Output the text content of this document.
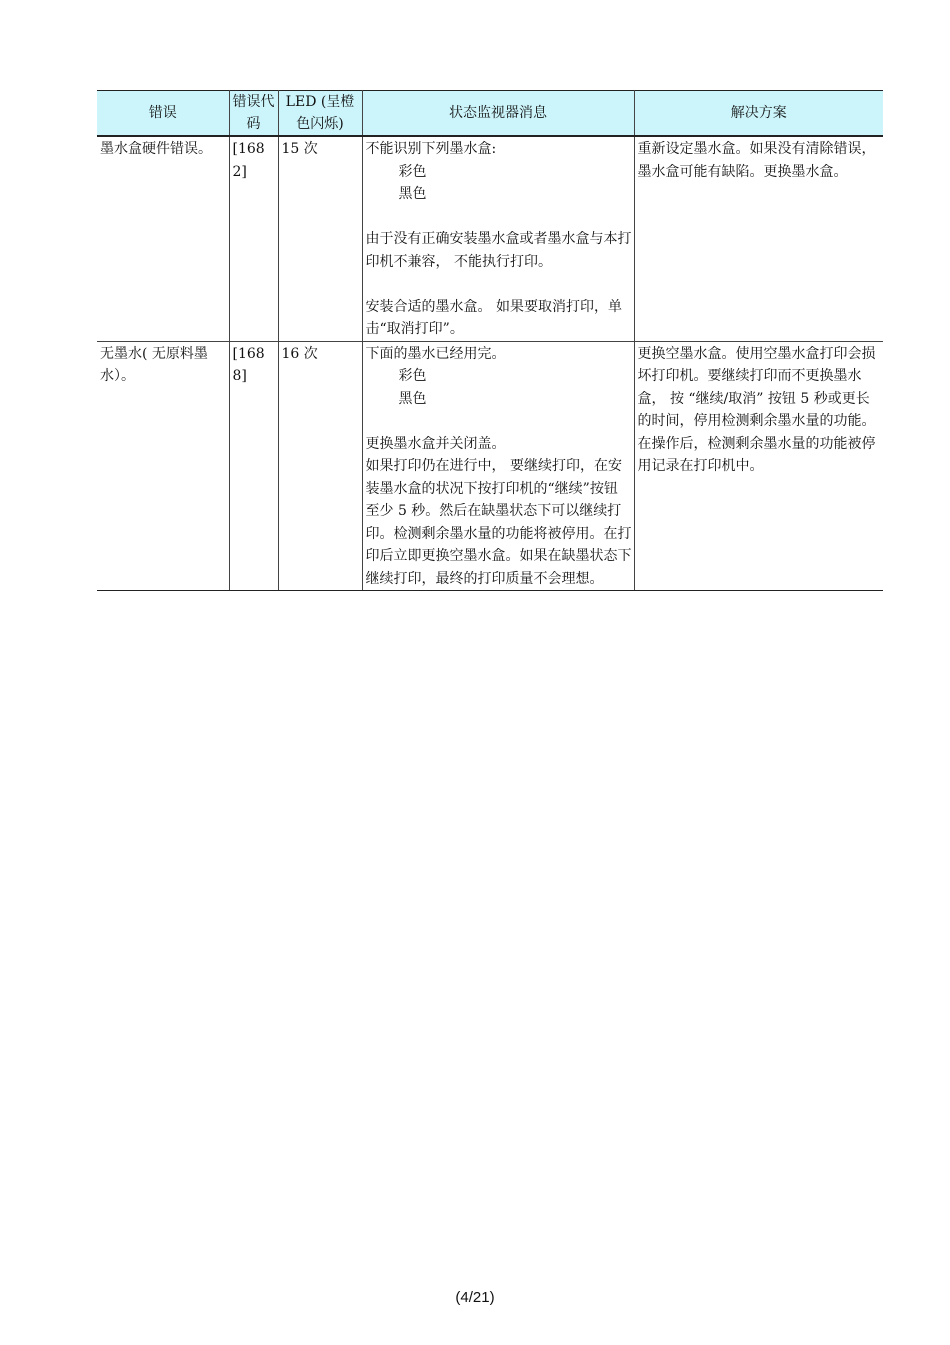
错误	错误代码	LED (呈橙色闪烁)	状态监视器消息	解决方案
墨水盒硬件错误。	[1682]	15 次	不能识别下列墨水盒:
彩色
黑色
由于没有正确安装墨水盒或者墨水盒与本打印机不兼容， 不能执行打印。
安装合适的墨水盒。 如果要取消打印，单击“取消打印”。	重新设定墨水盒。如果没有清除错误，墨水盒可能有缺陷。更换墨水盒。
无墨水( 无原料墨水）。	[1688]	16 次	下面的墨水已经用完。
彩色
黑色
更换墨水盒并关闭盖。
如果打印仍在进行中， 要继续打印，在安装墨水盒的状况下按打印机的“继续”按钮至少 5 秒。然后在缺墨状态下可以继续打印。检测剩余墨水量的功能将被停用。在打印后立即更换空墨水盒。如果在缺墨状态下继续打印，最终的打印质量不会理想。	更换空墨水盒。使用空墨水盒打印会损坏打印机。要继续打印而不更换墨水盒， 按 “继续/取消” 按钮 5 秒或更长的时间，停用检测剩余墨水量的功能。在操作后，检测剩余墨水量的功能被停用记录在打印机中。
(4/21)
